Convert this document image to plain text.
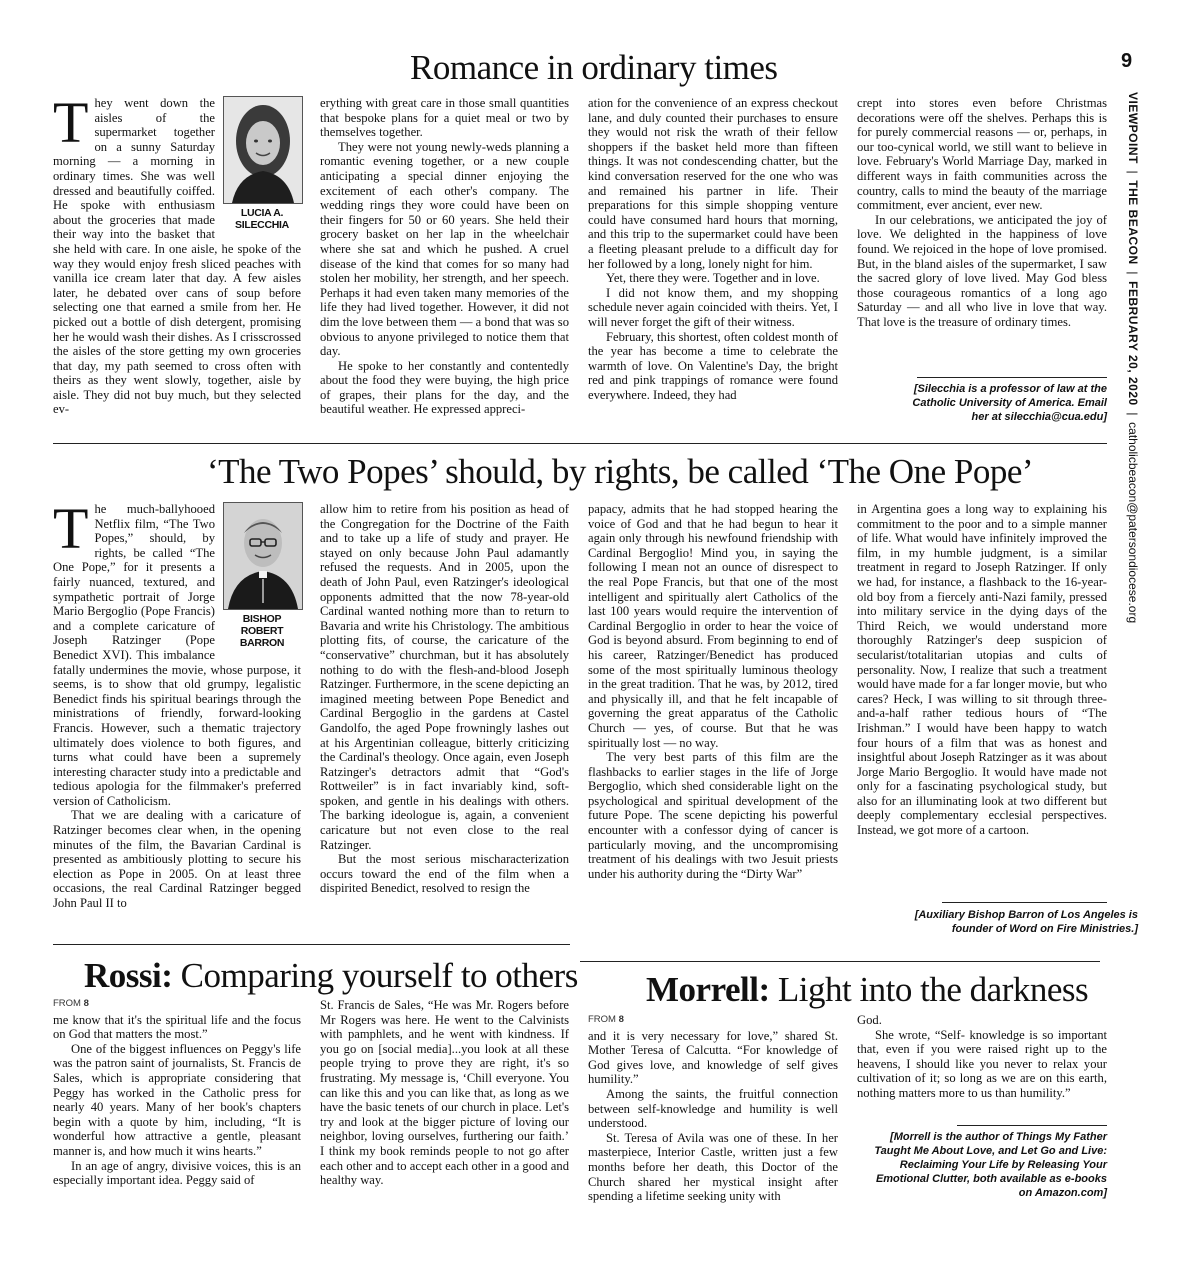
9
VIEWPOINT  |  THE BEACON  |  FEBRUARY 20, 2020  |  catholicbeacon@patersondiocese.org
Romance in ordinary times
LUCIA A. SILECCHIA
T hey went down the aisles of the supermarket together on a sunny Saturday morning — a morning in ordinary times. She was well dressed and beautifully coiffed. He spoke with enthusiasm about the groceries that made their way into the basket that she held with care. In one aisle, he spoke of the way they would enjoy fresh sliced peaches with vanilla ice cream later that day. A few aisles later, he debated over cans of soup before selecting one that earned a smile from her. He picked out a bottle of dish detergent, promising her he would wash their dishes. As I crisscrossed the aisles of the store getting my own groceries that day, my path seemed to cross often with theirs as they went slowly, together, aisle by aisle. They did not buy much, but they selected ev-

erything with great care in those small quantities that bespoke plans for a quiet meal or two by themselves together.

They were not young newly-weds planning a romantic evening together, or a new couple anticipating a special dinner enjoying the excitement of each other's company. The wedding rings they wore could have been on their fingers for 50 or 60 years. She held their grocery basket on her lap in the wheelchair where she sat and which he pushed. A cruel disease of the kind that comes for so many had stolen her mobility, her strength, and her speech. Perhaps it had even taken many memories of the life they had lived together. However, it did not dim the love between them — a bond that was so obvious to anyone privileged to notice them that day.

He spoke to her constantly and contentedly about the food they were buying, the high price of grapes, their plans for the day, and the beautiful weather. He expressed appreci-

ation for the convenience of an express checkout lane, and duly counted their purchases to ensure they would not risk the wrath of their fellow shoppers if the basket held more than fifteen things. It was not condescending chatter, but the kind conversation reserved for the one who was and remained his partner in life. Their preparations for this simple shopping venture could have consumed hard hours that morning, and this trip to the supermarket could have been a fleeting pleasant prelude to a difficult day for her followed by a long, lonely night for him.

Yet, there they were. Together and in love.

I did not know them, and my shopping schedule never again coincided with theirs. Yet, I will never forget the gift of their witness.

February, this shortest, often coldest month of the year has become a time to celebrate the warmth of love. On Valentine's Day, the bright red and pink trappings of romance were found everywhere. Indeed, they had

crept into stores even before Christmas decorations were off the shelves. Perhaps this is for purely commercial reasons — or, perhaps, in our too-cynical world, we still want to believe in love. February's World Marriage Day, marked in different ways in faith communities across the country, calls to mind the beauty of the marriage commitment, ever ancient, ever new.

In our celebrations, we anticipated the joy of love. We delighted in the happiness of love found. We rejoiced in the hope of love promised. But, in the bland aisles of the supermarket, I saw the sacred glory of love lived. May God bless those courageous romantics of a long ago Saturday — and all who live in love that way. That love is the treasure of ordinary times.

[Silecchia is a professor of law at the Catholic University of America. Email her at silecchia@cua.edu]
‘The Two Popes’ should, by rights, be called ‘The One Pope’
BISHOP ROBERT BARRON
T he much-ballyhooed Netflix film, “The Two Popes,” should, by rights, be called “The One Pope,” for it presents a fairly nuanced, textured, and sympathetic portrait of Jorge Mario Bergoglio (Pope Francis) and a complete caricature of Joseph Ratzinger (Pope Benedict XVI). This imbalance fatally undermines the movie, whose purpose, it seems, is to show that old grumpy, legalistic Benedict finds his spiritual bearings through the ministrations of friendly, forward-looking Francis. However, such a thematic trajectory ultimately does violence to both figures, and turns what could have been a supremely interesting character study into a predictable and tedious apologia for the filmmaker's preferred version of Catholicism.

That we are dealing with a caricature of Ratzinger becomes clear when, in the opening minutes of the film, the Bavarian Cardinal is presented as ambitiously plotting to secure his election as Pope in 2005. On at least three occasions, the real Cardinal Ratzinger begged John Paul II to

allow him to retire from his position as head of the Congregation for the Doctrine of the Faith and to take up a life of study and prayer. He stayed on only because John Paul adamantly refused the requests. And in 2005, upon the death of John Paul, even Ratzinger's ideological opponents admitted that the now 78-year-old Cardinal wanted nothing more than to return to Bavaria and write his Christology. The ambitious plotting fits, of course, the caricature of the “conservative” churchman, but it has absolutely nothing to do with the flesh-and-blood Joseph Ratzinger. Furthermore, in the scene depicting an imagined meeting between Pope Benedict and Cardinal Bergoglio in the gardens at Castel Gandolfo, the aged Pope frowningly lashes out at his Argentinian colleague, bitterly criticizing the Cardinal's theology. Once again, even Joseph Ratzinger's detractors admit that “God's Rottweiler” is in fact invariably kind, soft-spoken, and gentle in his dealings with others. The barking ideologue is, again, a convenient caricature but not even close to the real Ratzinger.

But the most serious mischaracterization occurs toward the end of the film when a dispirited Benedict, resolved to resign the

papacy, admits that he had stopped hearing the voice of God and that he had begun to hear it again only through his newfound friendship with Cardinal Bergoglio! Mind you, in saying the following I mean not an ounce of disrespect to the real Pope Francis, but that one of the most intelligent and spiritually alert Catholics of the last 100 years would require the intervention of Cardinal Bergoglio in order to hear the voice of God is beyond absurd. From beginning to end of his career, Ratzinger/Benedict has produced some of the most spiritually luminous theology in the great tradition. That he was, by 2012, tired and physically ill, and that he felt incapable of governing the great apparatus of the Catholic Church — yes, of course. But that he was spiritually lost — no way.

The very best parts of this film are the flashbacks to earlier stages in the life of Jorge Bergoglio, which shed considerable light on the psychological and spiritual development of the future Pope. The scene depicting his powerful encounter with a confessor dying of cancer is particularly moving, and the uncompromising treatment of his dealings with two Jesuit priests under his authority during the “Dirty War”

in Argentina goes a long way to explaining his commitment to the poor and to a simple manner of life. What would have infinitely improved the film, in my humble judgment, is a similar treatment in regard to Joseph Ratzinger. If only we had, for instance, a flashback to the 16-year-old boy from a fiercely anti-Nazi family, pressed into military service in the dying days of the Third Reich, we would understand more thoroughly Ratzinger's deep suspicion of secularist/totalitarian utopias and cults of personality. Now, I realize that such a treatment would have made for a far longer movie, but who cares? Heck, I was willing to sit through three-and-a-half rather tedious hours of “The Irishman.” I would have been happy to watch four hours of a film that was as honest and insightful about Joseph Ratzinger as it was about Jorge Mario Bergoglio. It would have made not only for a fascinating psychological study, but also for an illuminating look at two different but deeply complementary ecclesial perspectives. Instead, we got more of a cartoon.

[Auxiliary Bishop Barron of Los Angeles is founder of Word on Fire Ministries.]
Rossi: Comparing yourself to others
FROM 8

me know that it's the spiritual life and the focus on God that matters the most.”

One of the biggest influences on Peggy's life was the patron saint of journalists, St. Francis de Sales, which is appropriate considering that Peggy has worked in the Catholic press for nearly 40 years. Many of her book's chapters begin with a quote by him, including, “It is wonderful how attractive a gentle, pleasant manner is, and how much it wins hearts.”

In an age of angry, divisive voices, this is an especially important idea. Peggy said of

St. Francis de Sales, “He was Mr. Rogers before Mr Rogers was here. He went to the Calvinists with pamphlets, and he went with kindness. If you go on [social media]...you look at all these people trying to prove they are right, it's so frustrating. My message is, ‘Chill everyone. You can like this and you can like that, as long as we have the basic tenets of our church in place. Let's try and look at the bigger picture of loving our neighbor, loving ourselves, furthering our faith.’ I think my book reminds people to not go after each other and to accept each other in a good and healthy way.

Morrell: Light into the darkness
FROM 8

and it is very necessary for love,” shared St. Mother Teresa of Calcutta. “For knowledge of God gives love, and knowledge of self gives humility.”

Among the saints, the fruitful connection between self-knowledge and humility is well understood.

St. Teresa of Avila was one of these. In her masterpiece, Interior Castle, written just a few months before her death, this Doctor of the Church shared her mystical insight after spending a lifetime seeking unity with

God.

She wrote, “Self- knowledge is so important that, even if you were raised right up to the heavens, I should like you never to relax your cultivation of it; so long as we are on this earth, nothing matters more to us than humility.”

[Morrell is the author of Things My Father Taught Me About Love, and Let Go and Live: Reclaiming Your Life by Releasing Your Emotional Clutter, both available as e-books on Amazon.com]
